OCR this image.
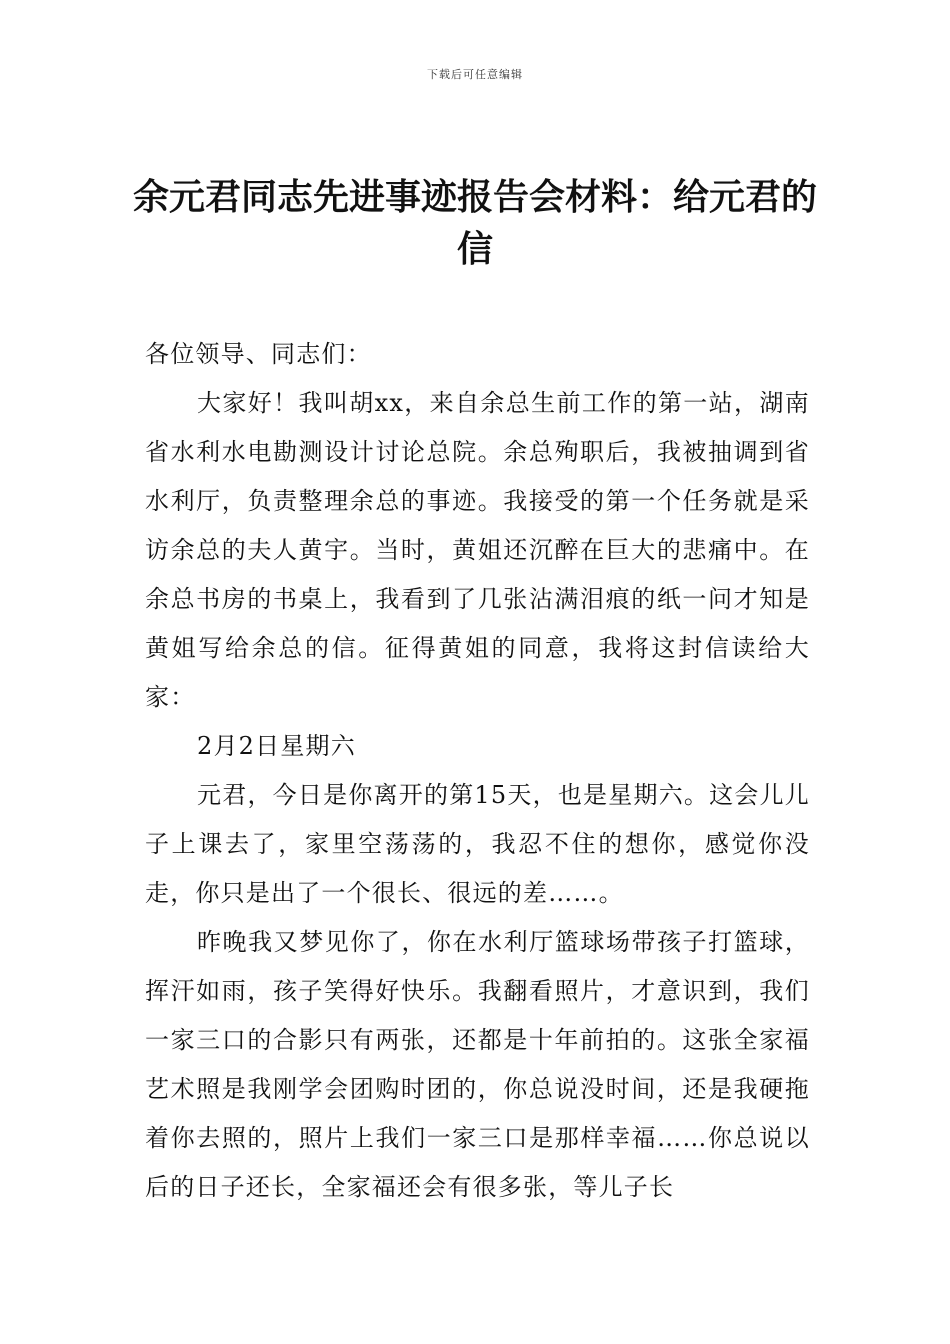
下载后可任意编辑
余元君同志先进事迹报告会材料：给元君的信

各位领导、同志们：

大家好！我叫胡xx，来自余总生前工作的第一站，湖南省水利水电勘测设计讨论总院。余总殉职后，我被抽调到省水利厅，负责整理余总的事迹。我接受的第一个任务就是采访余总的夫人黄宇。当时，黄姐还沉醉在巨大的悲痛中。在余总书房的书桌上，我看到了几张沾满泪痕的纸一问才知是黄姐写给余总的信。征得黄姐的同意，我将这封信读给大家：

2月2日星期六

元君，今日是你离开的第15天，也是星期六。这会儿儿子上课去了，家里空荡荡的，我忍不住的想你，感觉你没走，你只是出了一个很长、很远的差……。

昨晚我又梦见你了，你在水利厅篮球场带孩子打篮球，挥汗如雨，孩子笑得好快乐。我翻看照片，才意识到，我们一家三口的合影只有两张，还都是十年前拍的。这张全家福艺术照是我刚学会团购时团的，你总说没时间，还是我硬拖着你去照的，照片上我们一家三口是那样幸福……你总说以后的日子还长，全家福还会有很多张，等儿子长
